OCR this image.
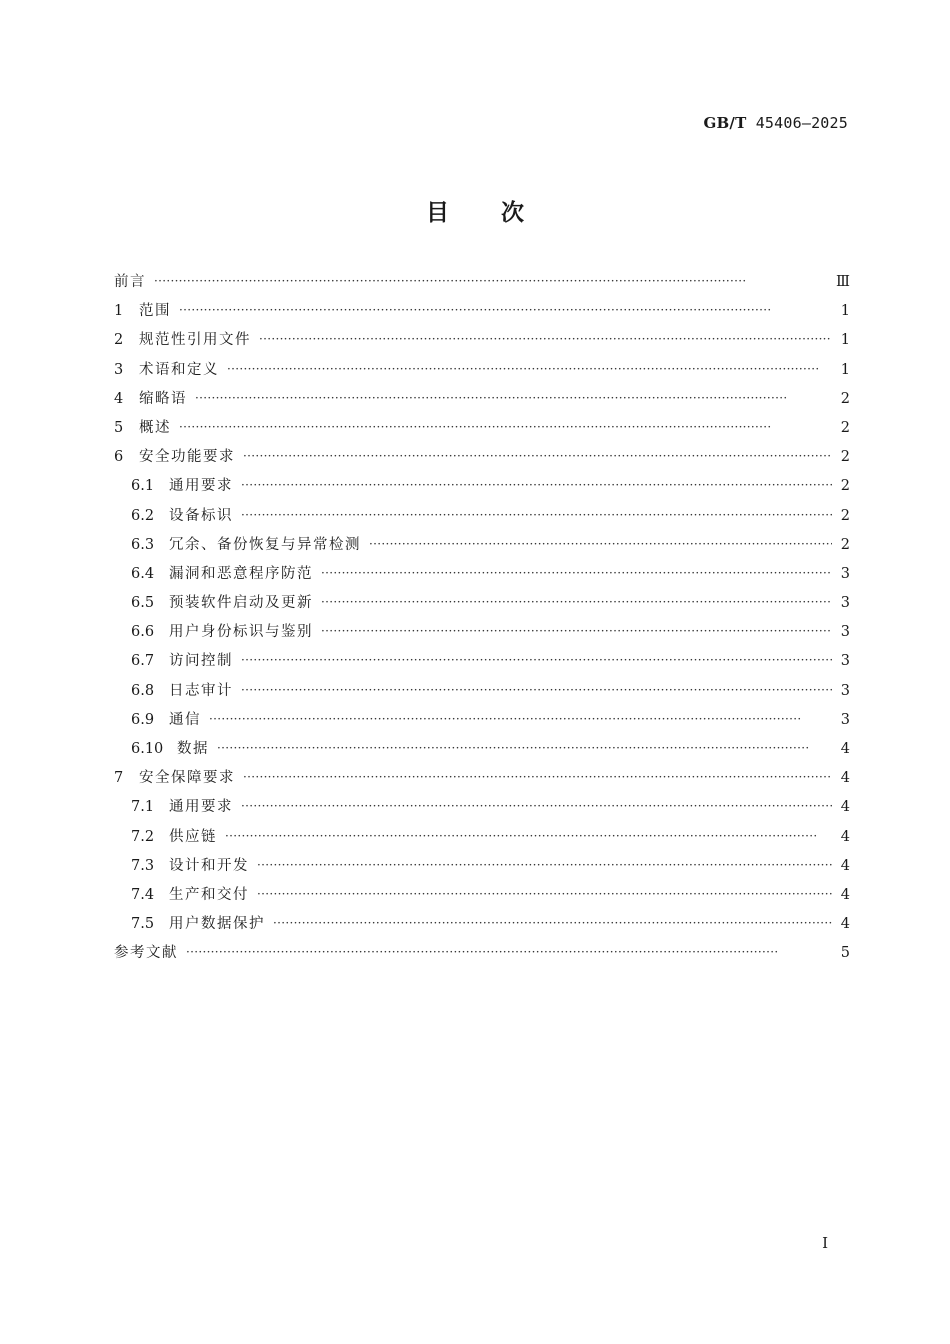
GB/T 45406—2025
目次
前言 ·····	Ⅲ
1	范围 ·····	1
2	规范性引用文件 ·····	1
3	术语和定义 ·····	1
4	缩略语 ·····	2
5	概述 ·····	2
6	安全功能要求 ·····	2
6.1	通用要求 ·····	2
6.2	设备标识 ·····	2
6.3	冗余、备份恢复与异常检测 ·····	2
6.4	漏洞和恶意程序防范 ·····	3
6.5	预装软件启动及更新 ·····	3
6.6	用户身份标识与鉴别 ·····	3
6.7	访问控制 ·····	3
6.8	日志审计 ·····	3
6.9	通信 ·····	3
6.10 数据 ·····	4
7	安全保障要求 ·····	4
7.1	通用要求 ·····	4
7.2	供应链 ·····	4
7.3	设计和开发 ·····	4
7.4	生产和交付 ·····	4
7.5	用户数据保护 ·····	4
参考文献 ·····	5
I
